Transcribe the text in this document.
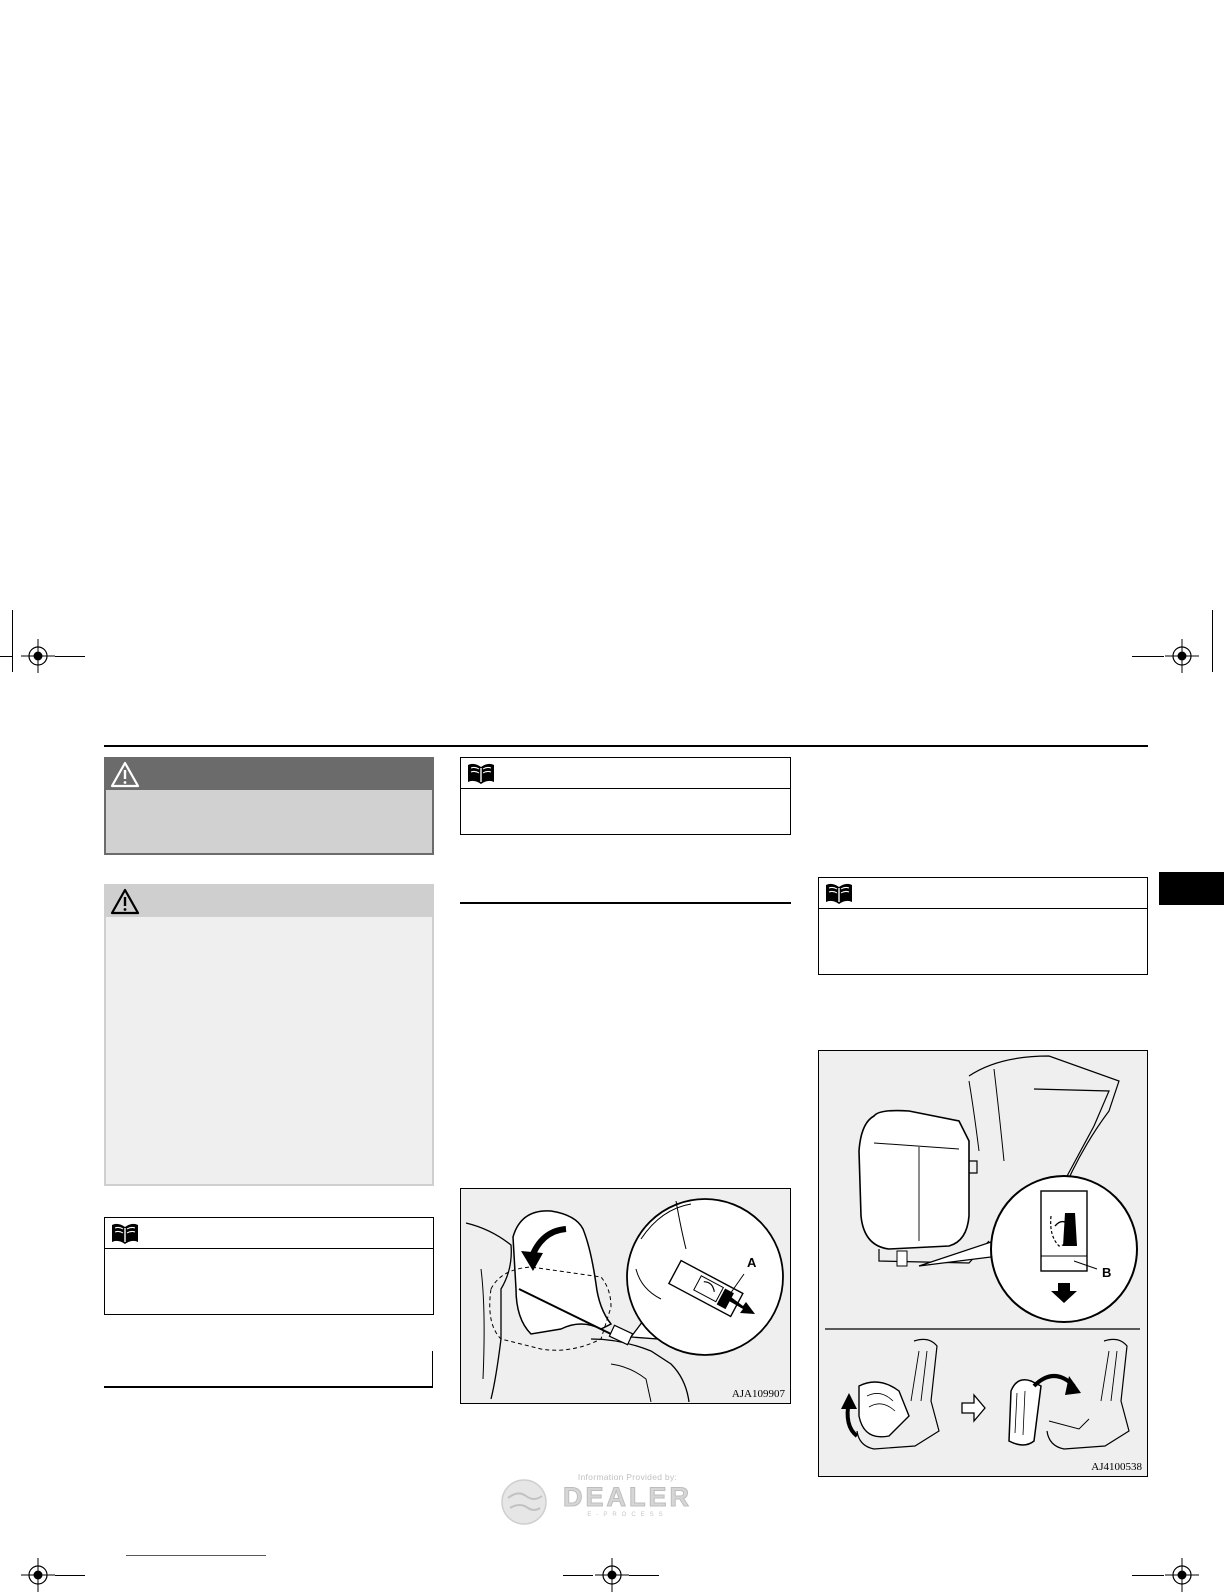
A
AJA109907
B
AJ4100538
Information Provided by:
DEALER
E-PROCESS
